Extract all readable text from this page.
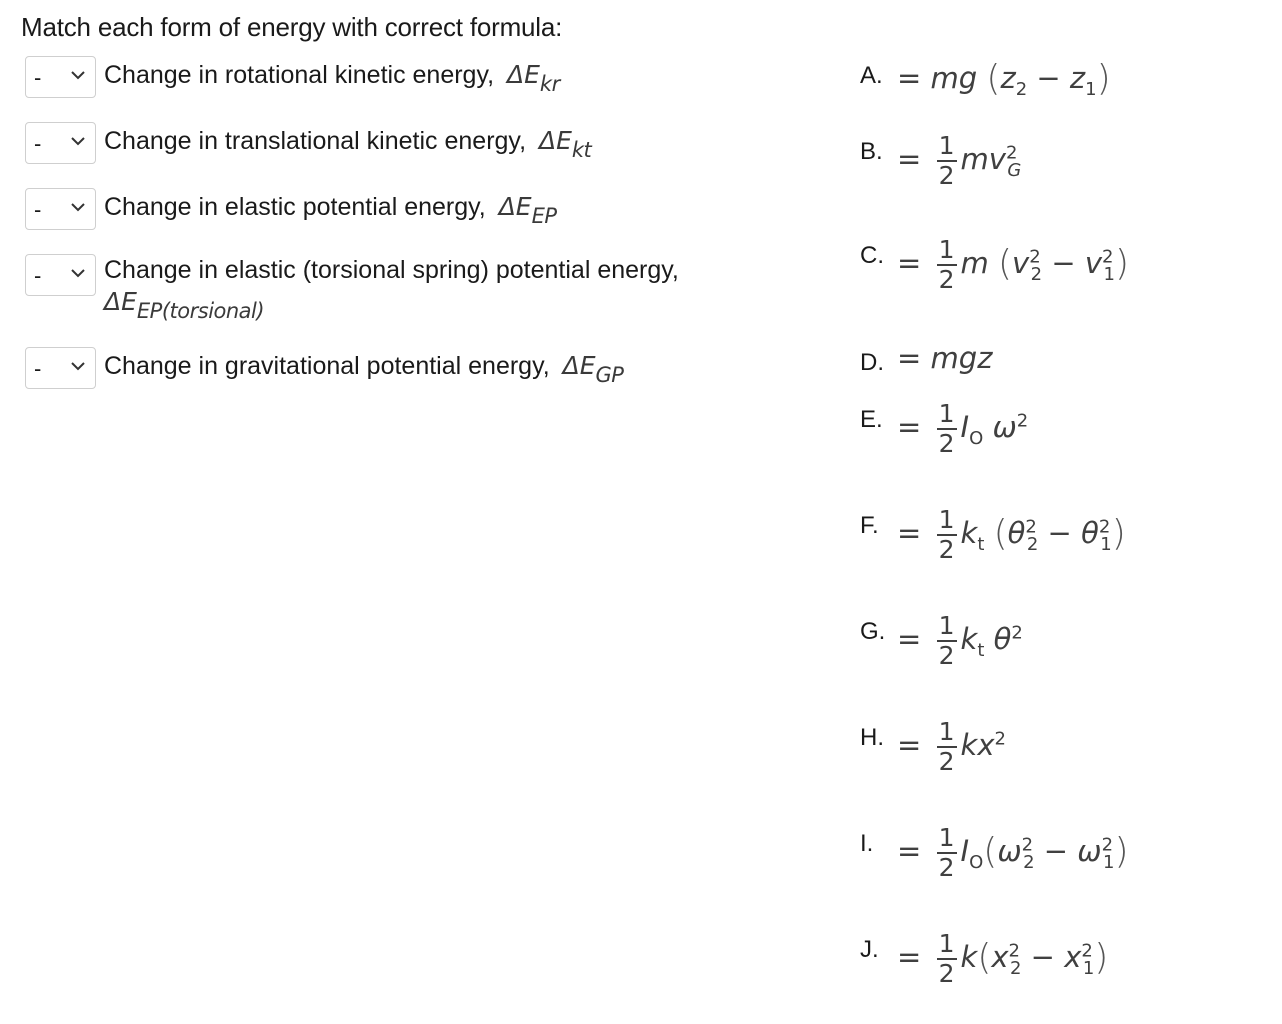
Match each form of energy with correct formula:
-	Change in rotational kinetic energy, $\Delta E_{kr}$
-	Change in translational kinetic energy, $\Delta E_{kt}$
-	Change in elastic potential energy, $\Delta E_{EP}$
-	Change in elastic (torsional spring) potential energy,
$\Delta E_{EP(torsional)}$
-	Change in gravitational potential energy, $\Delta E_{GP}$
A. = mg $(z_2 - z_1)$
B. = $\frac{1}{2} mv^2_G$
C. = $\frac{1}{2}$ m $(v^2_2 - v^2_1)$
D. = mgz
E. = $\frac{1}{2} I_O$ $\omega^2$
F. = $\frac{1}{2} k_t$ $(\theta^2_2 - \theta^2_1)$
G. = $\frac{1}{2} k_t$ $\theta^2$
H. = $\frac{1}{2} kx^2$
I. = $\frac{1}{2} I_O(\omega^2_2 - \omega^2_1)$
J. = $\frac{1}{2} k(x^2_2 - x^2_1)$
